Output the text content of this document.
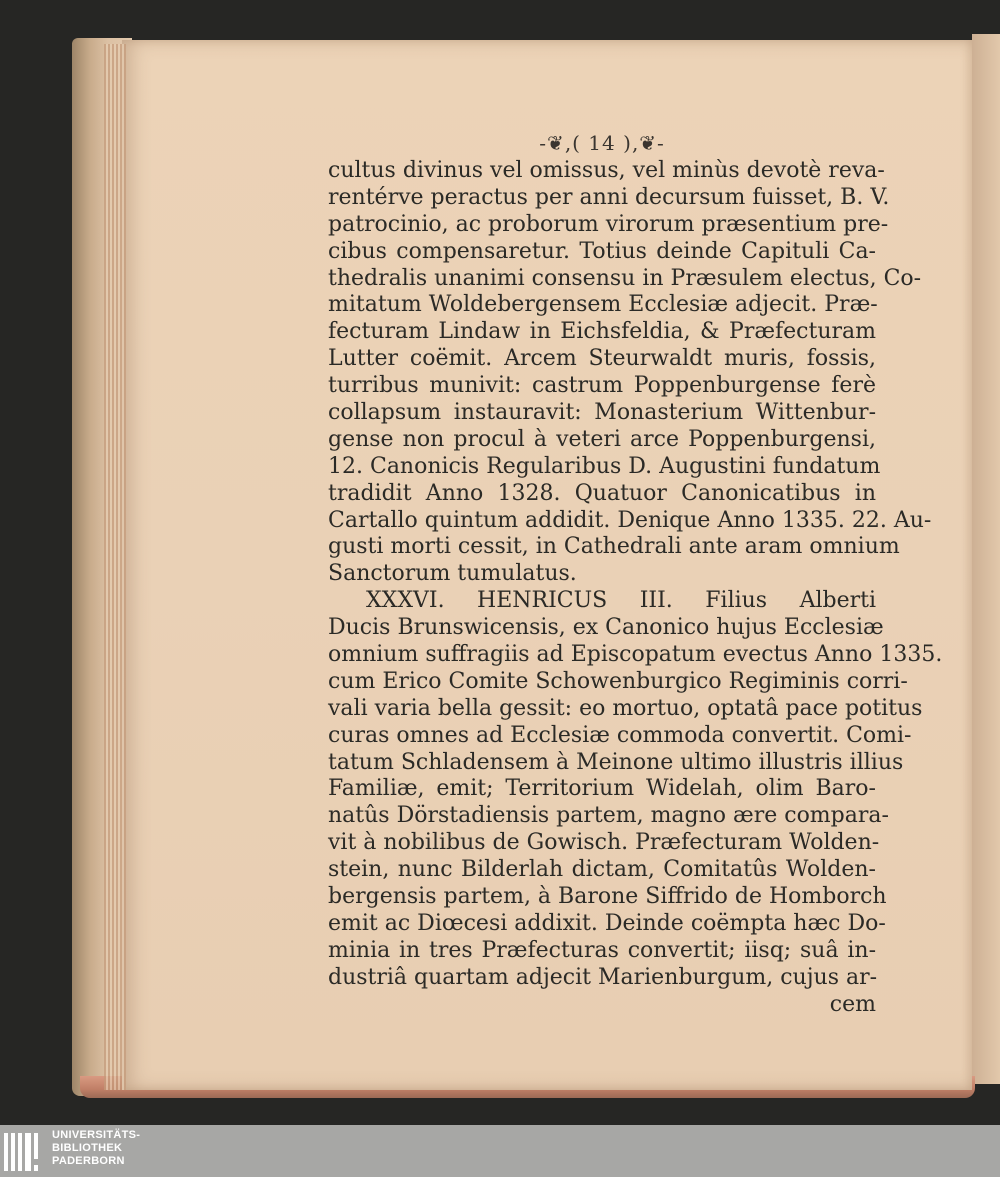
-❦‚( 14 )‚❦-
cultus divinus vel omissus, vel minùs devotè reva-
rentérve peractus per anni decursum fuisset, B. V.
patrocinio, ac proborum virorum præsentium pre-
cibus compensaretur. Totius deinde Capituli Ca-
thedralis unanimi consensu in Præsulem electus, Co-
mitatum Woldebergensem Ecclesiæ adjecit. Præ-
fecturam Lindaw in Eichsfeldia, & Præfecturam
Lutter coëmit. Arcem Steurwaldt muris, fossis,
turribus munivit: castrum Poppenburgense ferè
collapsum instauravit: Monasterium Wittenbur-
gense non procul à veteri arce Poppenburgensi,
12. Canonicis Regularibus D. Augustini fundatum
tradidit Anno 1328. Quatuor Canonicatibus in
Cartallo quintum addidit. Denique Anno 1335. 22. Au-
gusti morti cessit, in Cathedrali ante aram omnium
Sanctorum tumulatus.
XXXVI. HENRICUS III. Filius Alberti
Ducis Brunswicensis, ex Canonico hujus Ecclesiæ
omnium suffragiis ad Episcopatum evectus Anno 1335.
cum Erico Comite Schowenburgico Regiminis corri-
vali varia bella gessit: eo mortuo, optatâ pace potitus
curas omnes ad Ecclesiæ commoda convertit. Comi-
tatum Schladensem à Meinone ultimo illustris illius
Familiæ, emit; Territorium Widelah, olim Baro-
natûs Dörstadiensis partem, magno ære compara-
vit à nobilibus de Gowisch. Præfecturam Wolden-
stein, nunc Bilderlah dictam, Comitatûs Wolden-
bergensis partem, à Barone Siffrido de Homborch
emit ac Diœcesi addixit. Deinde coëmpta hæc Do-
minia in tres Præfecturas convertit; iisq; suâ in-
dustriâ quartam adjecit Marienburgum, cujus ar-
cem
UNIVERSITÄTS-
BIBLIOTHEK
PADERBORN
